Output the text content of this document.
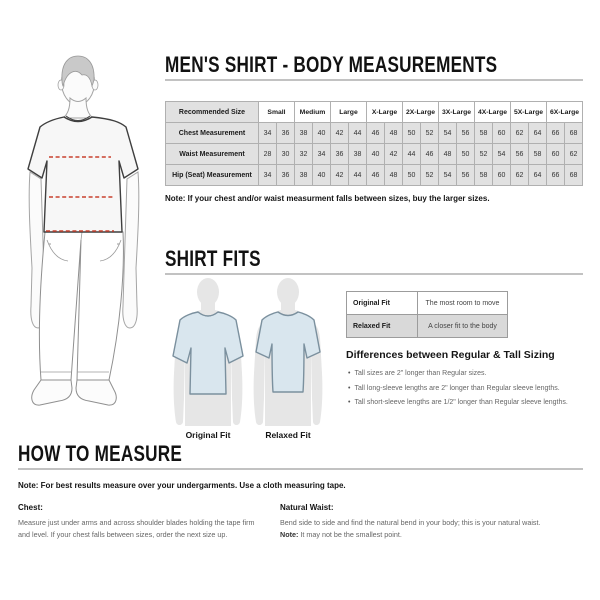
MEN'S SHIRT - BODY MEASUREMENTS
Recommended Size	Small		Medium		Large		X-Large		2X-Large		3X-Large		4X-Large		5X-Large		6X-Large	
Chest Measurement	34	36	38	40	42	44	46	48	50	52	54	56	58	60	62	64	66	68
Waist Measurement	28	30	32	34	36	38	40	42	44	46	48	50	52	54	56	58	60	62
Hip (Seat) Measurement	34	36	38	40	42	44	46	48	50	52	54	56	58	60	62	64	66	68

Note: If your chest and/or waist measurment falls between sizes, buy the larger sizes.

SHIRT FITS
Original Fit	Relaxed Fit
Original Fit	The most room to move
Relaxed Fit	A closer fit to the body
Differences between Regular & Tall Sizing
• Tall sizes are 2" longer than Regular sizes.
• Tall long-sleeve lengths are 2" longer than Regular sleeve lengths.
• Tall short-sleeve lengths are 1/2" longer than Regular sleeve lengths.
HOW TO MEASURE

Note: For best results measure over your undergarments. Use a cloth measuring tape.

Chest:

Measure just under arms and across shoulder blades holding the tape firm and level. If your chest falls between sizes, order the next size up.

Natural Waist:

Bend side to side and find the natural bend in your body; this is your natural waist. Note: It may not be the smallest point.
